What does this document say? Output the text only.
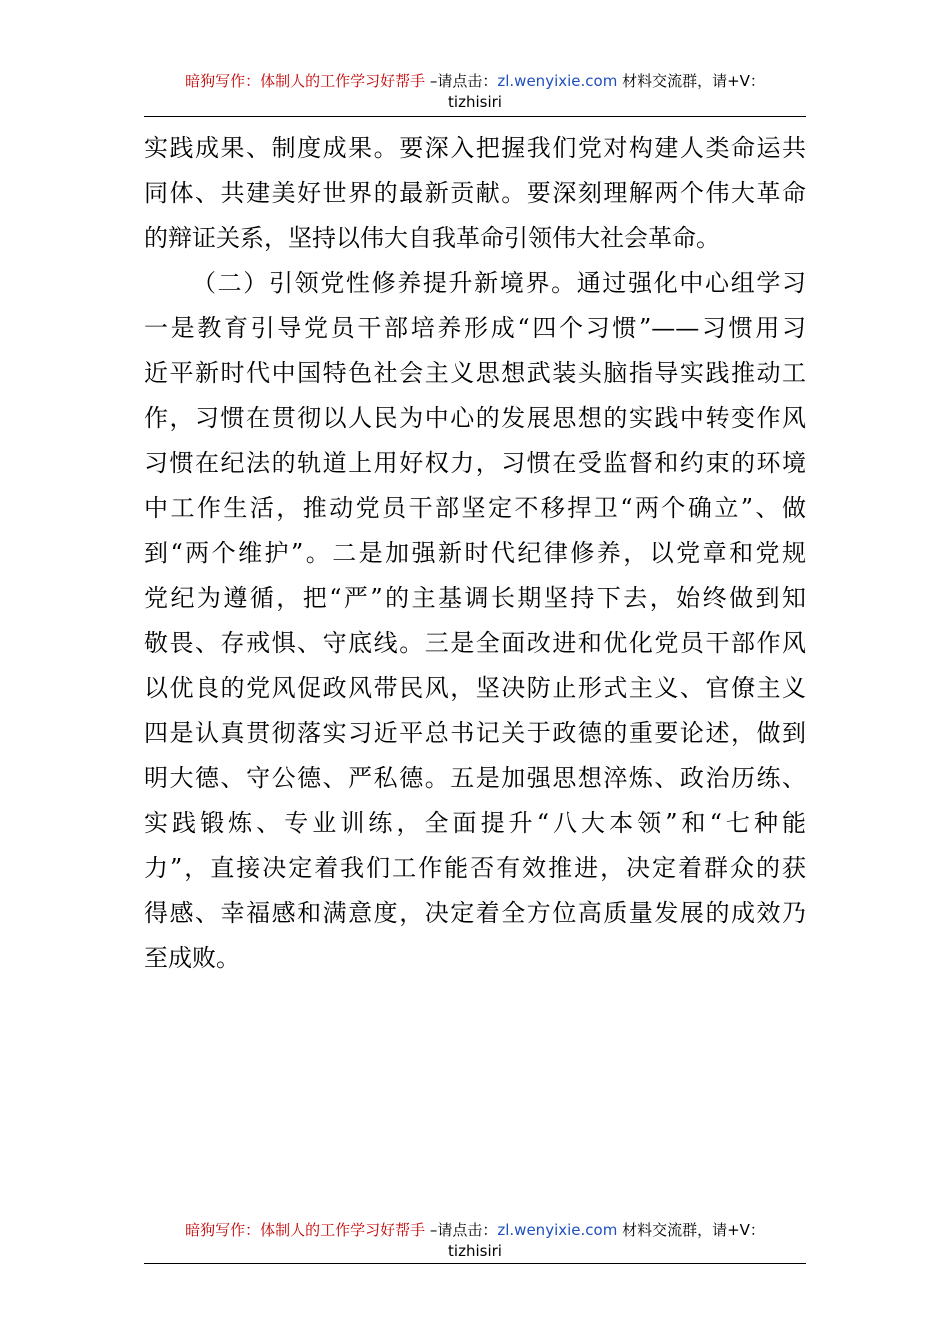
暗狗写作：体制人的工作学习好帮手 –请点击：zl.wenyixie.com 材料交流群，请+V：
tizhisiri
实践成果、制度成果。要深入把握我们党对构建人类命运共
同体、共建美好世界的最新贡献。要深刻理解两个伟大革命
的辩证关系，坚持以伟大自我革命引领伟大社会革命。
（二）引领党性修养提升新境界。通过强化中心组学习
一是教育引导党员干部培养形成“四个习惯”——习惯用习
近平新时代中国特色社会主义思想武装头脑指导实践推动工
作，习惯在贯彻以人民为中心的发展思想的实践中转变作风
习惯在纪法的轨道上用好权力，习惯在受监督和约束的环境
中工作生活，推动党员干部坚定不移捍卫“两个确立”、做
到“两个维护”。二是加强新时代纪律修养，以党章和党规
党纪为遵循，把“严”的主基调长期坚持下去，始终做到知
敬畏、存戒惧、守底线。三是全面改进和优化党员干部作风
以优良的党风促政风带民风，坚决防止形式主义、官僚主义
四是认真贯彻落实习近平总书记关于政德的重要论述，做到
明大德、守公德、严私德。五是加强思想淬炼、政治历练、
实践锻炼、专业训练，全面提升“八大本领”和“七种能
力”，直接决定着我们工作能否有效推进，决定着群众的获
得感、幸福感和满意度，决定着全方位高质量发展的成效乃
至成败。
暗狗写作：体制人的工作学习好帮手 –请点击：zl.wenyixie.com 材料交流群，请+V：
tizhisiri
